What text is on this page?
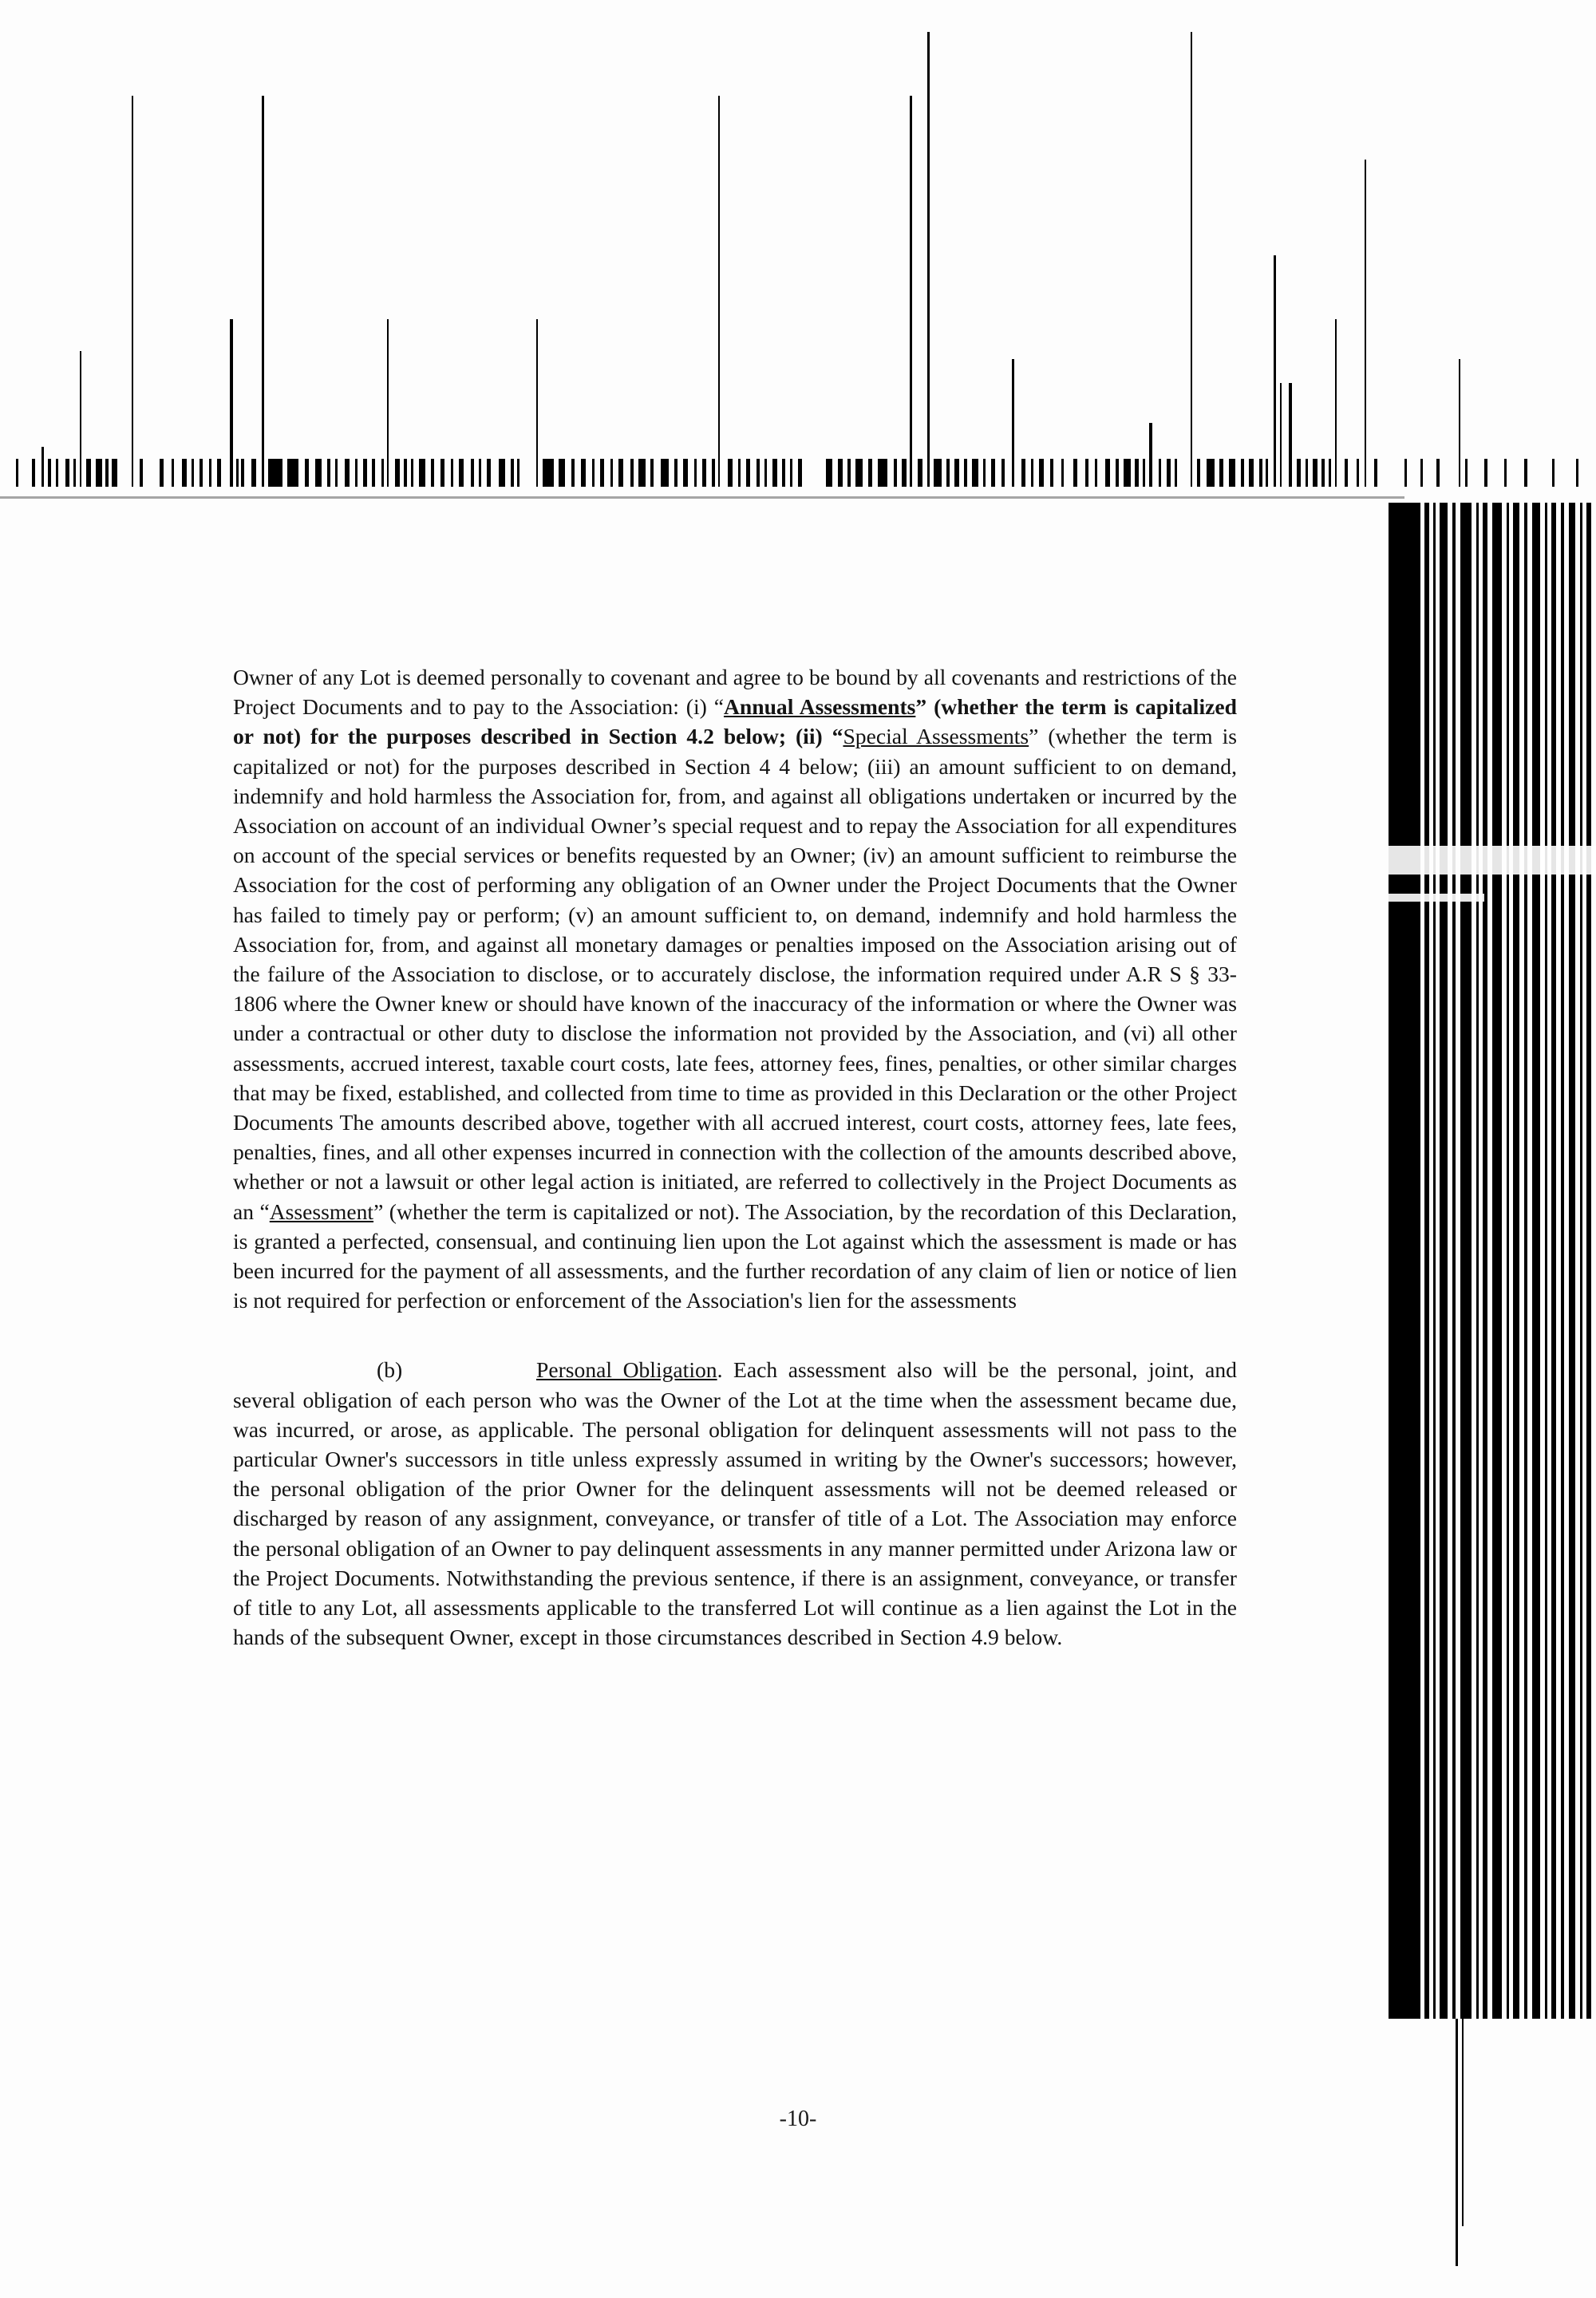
Owner of any Lot is deemed personally to covenant and agree to be bound by all covenants and restrictions of the Project Documents and to pay to the Association: (i) “Annual Assessments” (whether the term is capitalized or not) for the purposes described in Section 4.2 below; (ii) “Special Assessments” (whether the term is capitalized or not) for the purposes described in Section 4 4 below; (iii) an amount sufficient to on demand, indemnify and hold harmless the Association for, from, and against all obligations undertaken or incurred by the Association on account of an individual Owner’s special request and to repay the Association for all expenditures on account of the special services or benefits requested by an Owner; (iv) an amount sufficient to reimburse the Association for the cost of performing any obligation of an Owner under the Project Documents that the Owner has failed to timely pay or perform; (v) an amount sufficient to, on demand, indemnify and hold harmless the Association for, from, and against all monetary damages or penalties imposed on the Association arising out of the failure of the Association to disclose, or to accurately disclose, the information required under A.R S § 33-1806 where the Owner knew or should have known of the inaccuracy of the information or where the Owner was under a contractual or other duty to disclose the information not provided by the Association, and (vi) all other assessments, accrued interest, taxable court costs, late fees, attorney fees, fines, penalties, or other similar charges that may be fixed, established, and collected from time to time as provided in this Declaration or the other Project Documents The amounts described above, together with all accrued interest, court costs, attorney fees, late fees, penalties, fines, and all other expenses incurred in connection with the collection of the amounts described above, whether or not a lawsuit or other legal action is initiated, are referred to collectively in the Project Documents as an “Assessment” (whether the term is capitalized or not). The Association, by the recordation of this Declaration, is granted a perfected, consensual, and continuing lien upon the Lot against which the assessment is made or has been incurred for the payment of all assessments, and the further recordation of any claim of lien or notice of lien is not required for perfection or enforcement of the Association's lien for the assessments

(b)	Personal Obligation. Each assessment also will be the personal, joint, and several obligation of each person who was the Owner of the Lot at the time when the assessment became due, was incurred, or arose, as applicable. The personal obligation for delinquent assessments will not pass to the particular Owner's successors in title unless expressly assumed in writing by the Owner's successors; however, the personal obligation of the prior Owner for the delinquent assessments will not be deemed released or discharged by reason of any assignment, conveyance, or transfer of title of a Lot. The Association may enforce the personal obligation of an Owner to pay delinquent assessments in any manner permitted under Arizona law or the Project Documents. Notwithstanding the previous sentence, if there is an assignment, conveyance, or transfer of title to any Lot, all assessments applicable to the transferred Lot will continue as a lien against the Lot in the hands of the subsequent Owner, except in those circumstances described in Section 4.9 below.

-10-
